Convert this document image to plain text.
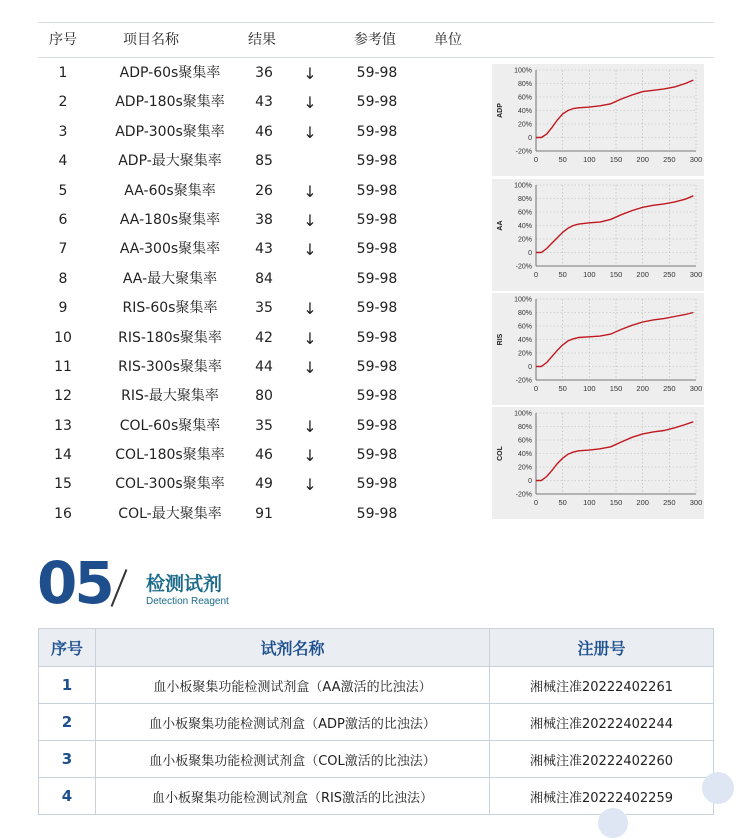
序号	项目名称	结果	参考值	单位
1	ADP-60s聚集率	36	↓	59-98
2	ADP-180s聚集率	43	↓	59-98
3	ADP-300s聚集率	46	↓	59-98
4	ADP-最大聚集率	85	59-98
5	AA-60s聚集率	26	↓	59-98
6	AA-180s聚集率	38	↓	59-98
7	AA-300s聚集率	43	↓	59-98
8	AA-最大聚集率	84	59-98
9	RIS-60s聚集率	35	↓	59-98
10	RIS-180s聚集率	42	↓	59-98
11	RIS-300s聚集率	44	↓	59-98
12	RIS-最大聚集率	80	59-98
13	COL-60s聚集率	35	↓	59-98
14	COL-180s聚集率	46	↓	59-98
15	COL-300s聚集率	49	↓	59-98
16	COL-最大聚集率	91	59-98
100%
80%
60%
40%
20%
0
-20%
0	50 100 150 200 250 300
ADP
100%
80%
60%
40%
20%
0
-20%
0	50 100 150 200 250 300
AA
100%
80%
60%
40%
20%
0
-20%
0	50 100 150 200 250 300
RIS
100%
80%
60%
40%
20%
0
-20%
0	50 100 150 200 250 300
COL
05 检测试剂
Detection Reagent
序号	试剂名称	注册号
1	血小板聚集功能检测试剂盒（AA激活的比浊法）	湘械注准20222402261
2	血小板聚集功能检测试剂盒（ADP激活的比浊法）	湘械注准20222402244
3	血小板聚集功能检测试剂盒（COL激活的比浊法）	湘械注准20222402260
4	血小板聚集功能检测试剂盒（RIS激活的比浊法）	湘械注准20222402259
